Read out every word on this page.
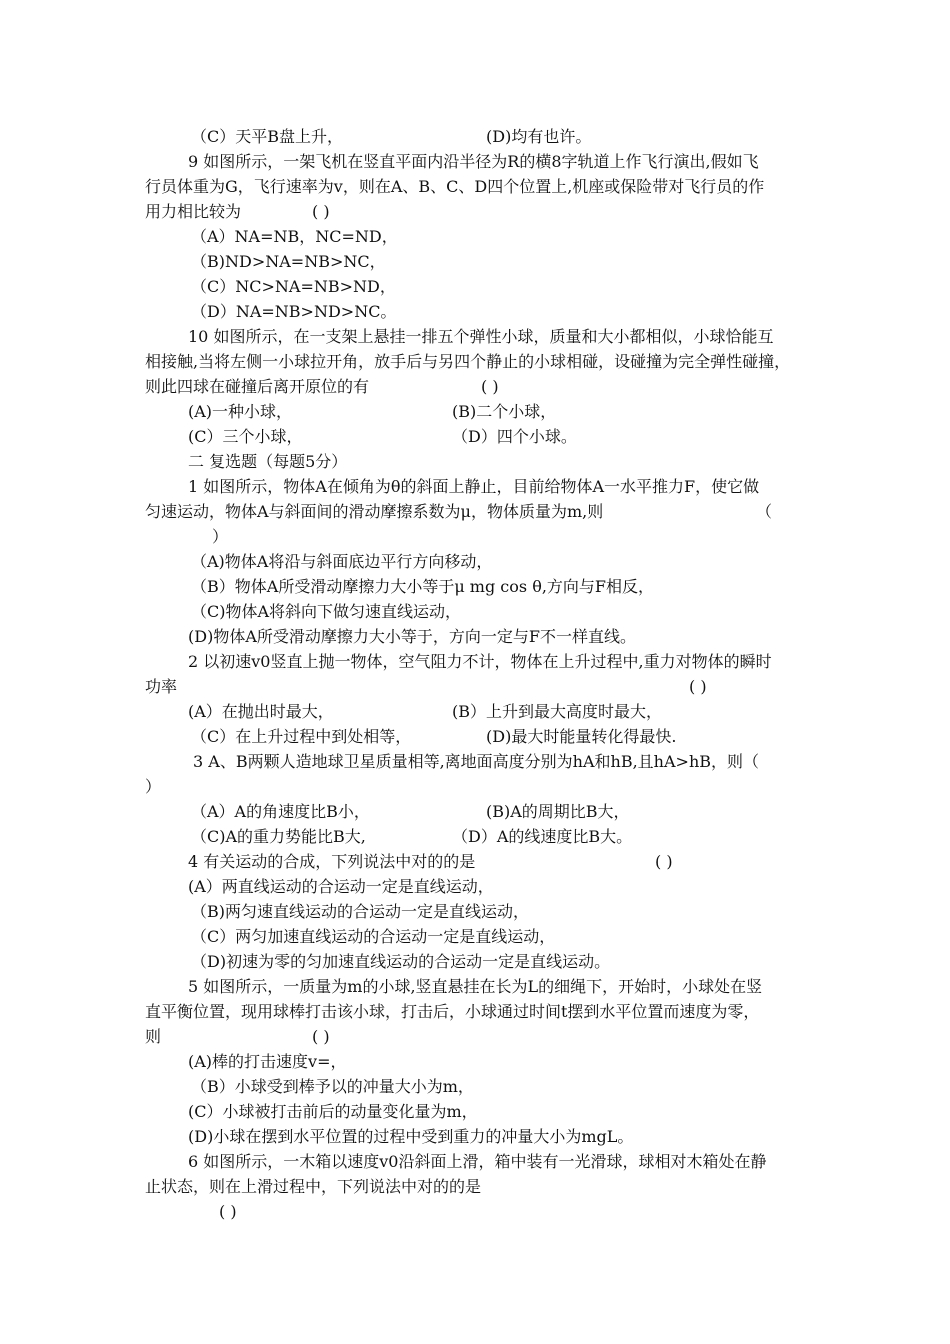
（C）天平B盘上升，	(D)均有也许。
9 如图所示，一架飞机在竖直平面内沿半径为R的横8字轨道上作飞行演出,假如飞
行员体重为G，飞行速率为v，则在A、B、C、D四个位置上,机座或保险带对飞行员的作
用力相比较为	( )
（A）NA=NB，NC=ND，
（B)ND>NA=NB>NC，
（C）NC>NA=NB>ND，
（D）NA=NB>ND>NC。
10 如图所示，在一支架上悬挂一排五个弹性小球，质量和大小都相似，小球恰能互
相接触,当将左侧一小球拉开角，放手后与另四个静止的小球相碰，设碰撞为完全弹性碰撞，
则此四球在碰撞后离开原位的有	( )
(A)一种小球，	(B)二个小球，
(C）三个小球，	（D）四个小球。
二 复选题（每题5分）
1 如图所示，物体A在倾角为θ的斜面上静止，目前给物体A一水平推力F，使它做
匀速运动，物体A与斜面间的滑动摩擦系数为μ，物体质量为m,则	（
）
（A)物体A将沿与斜面底边平行方向移动，
（B）物体A所受滑动摩擦力大小等于μ mg cos θ,方向与F相反，
（C)物体A将斜向下做匀速直线运动，
(D)物体A所受滑动摩擦力大小等于，方向一定与F不一样直线。
2 以初速v0竖直上抛一物体，空气阻力不计，物体在上升过程中,重力对物体的瞬时
功率	( )
(A）在抛出时最大，	(B）上升到最大高度时最大，
（C）在上升过程中到处相等，	(D)最大时能量转化得最快.
3 A、B两颗人造地球卫星质量相等,离地面高度分别为hA和hB,且hA>hB，则（
）
（A）A的角速度比B小，	(B)A的周期比B大，
（C)A的重力势能比B大,	（D）A的线速度比B大。
4 有关运动的合成，下列说法中对的的是	( )
(A）两直线运动的合运动一定是直线运动，
（B)两匀速直线运动的合运动一定是直线运动，
（C）两匀加速直线运动的合运动一定是直线运动，
（D)初速为零的匀加速直线运动的合运动一定是直线运动。
5 如图所示，一质量为m的小球,竖直悬挂在长为L的细绳下，开始时，小球处在竖
直平衡位置，现用球棒打击该小球，打击后，小球通过时间t摆到水平位置而速度为零，
则	( )
(A)棒的打击速度v=，
（B）小球受到棒予以的冲量大小为m，
(C）小球被打击前后的动量变化量为m，
(D)小球在摆到水平位置的过程中受到重力的冲量大小为mgL。
6 如图所示，一木箱以速度v0沿斜面上滑，箱中装有一光滑球，球相对木箱处在静
止状态，则在上滑过程中，下列说法中对的的是
( )
